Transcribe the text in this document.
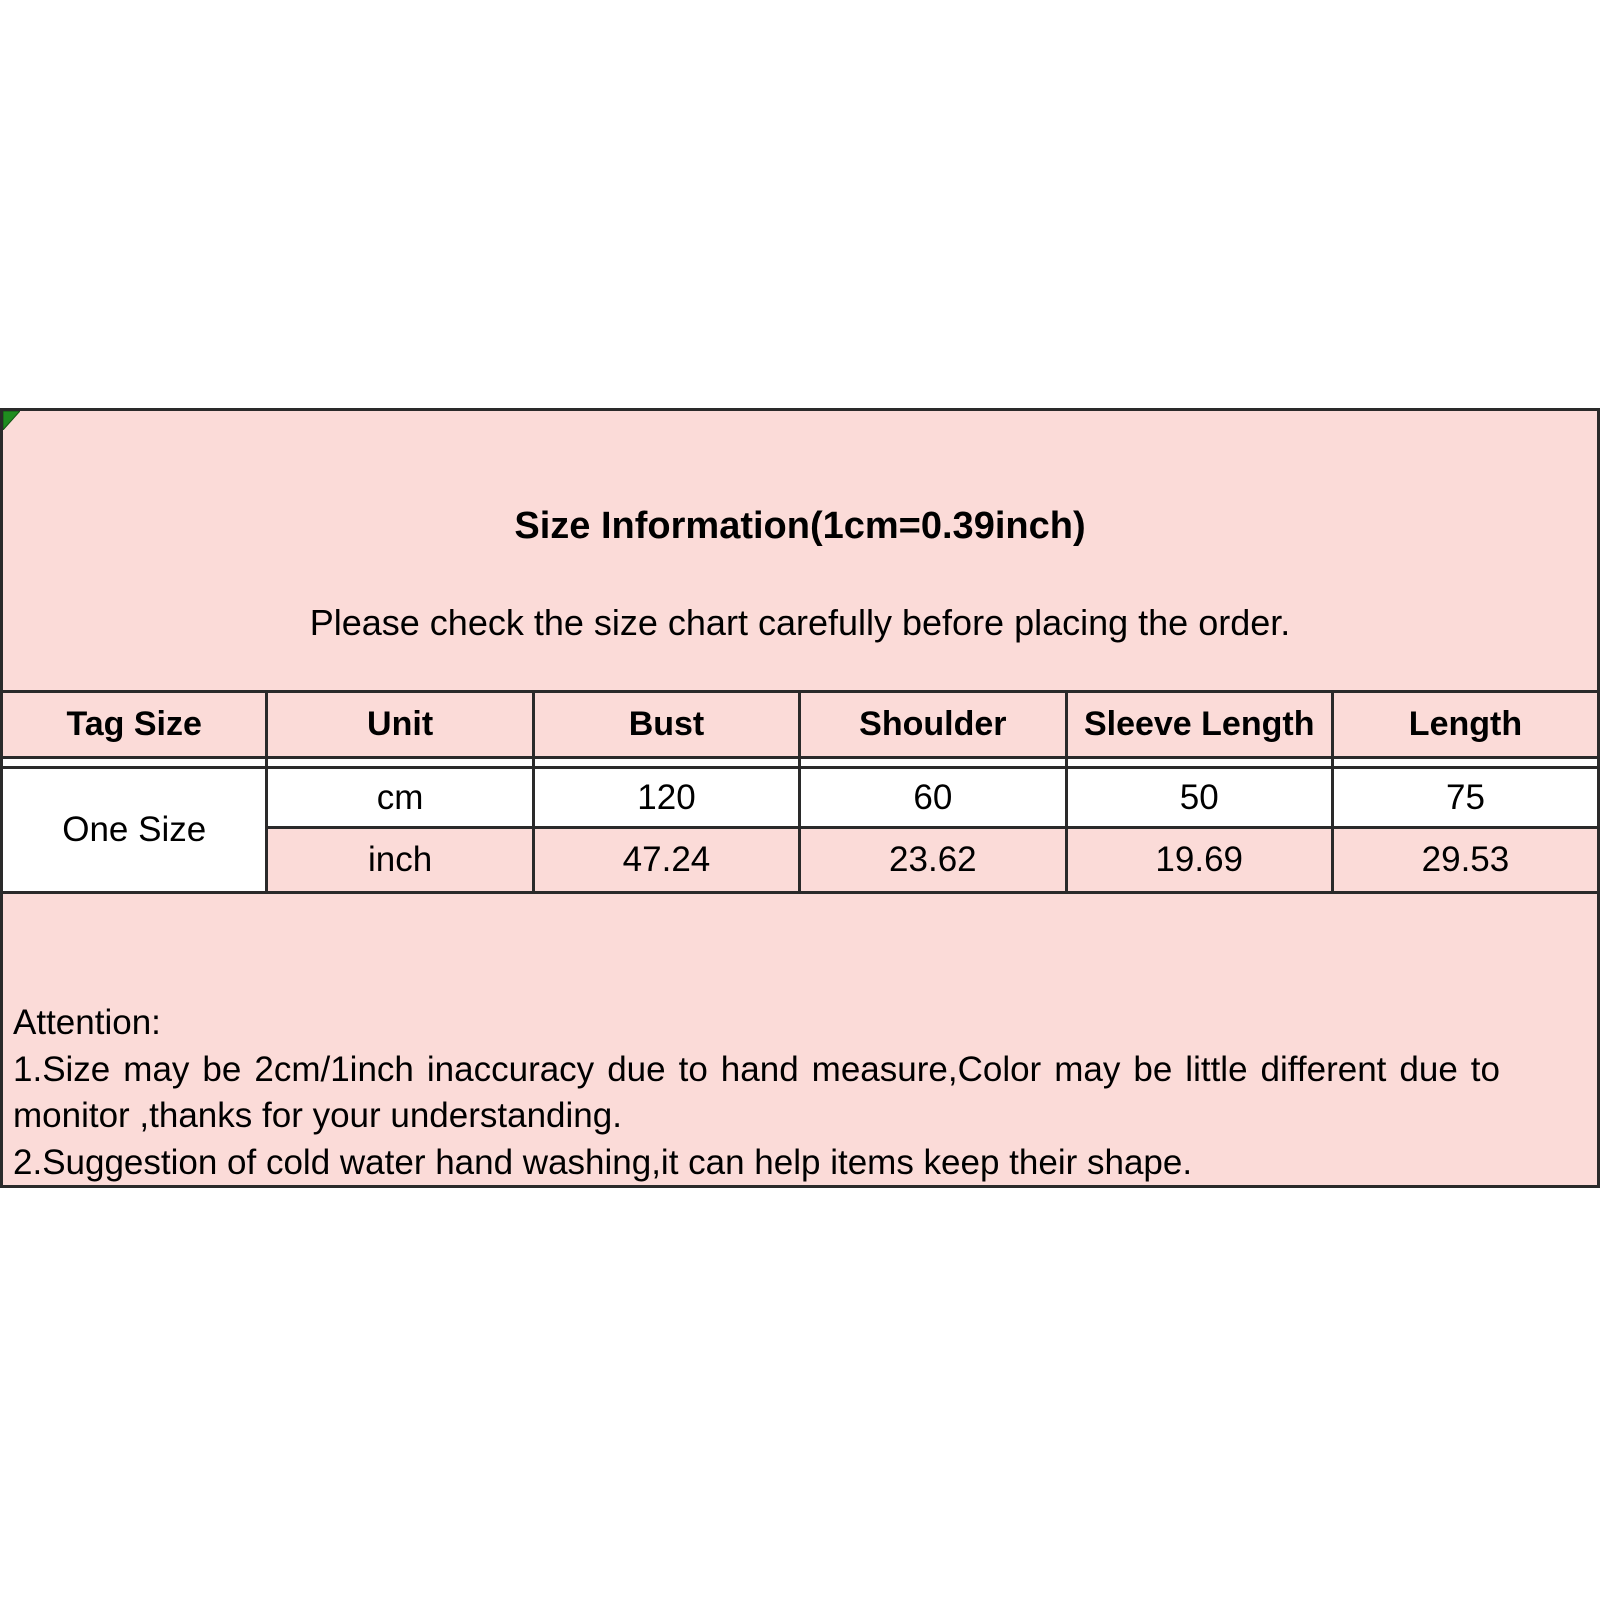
Size Information(1cm=0.39inch)
Please check the size chart carefully before placing the order.
Tag Size	Unit	Bust	Shoulder	Sleeve Length	Length

One Size	cm	120	60	50	75
	inch	47.24	23.62	19.69	29.53

Attention:

1.Size may be 2cm/1inch inaccuracy due to hand measure,Color may be little different due to monitor ,thanks for your understanding.

2.Suggestion of cold water hand washing,it can help items keep their shape.
